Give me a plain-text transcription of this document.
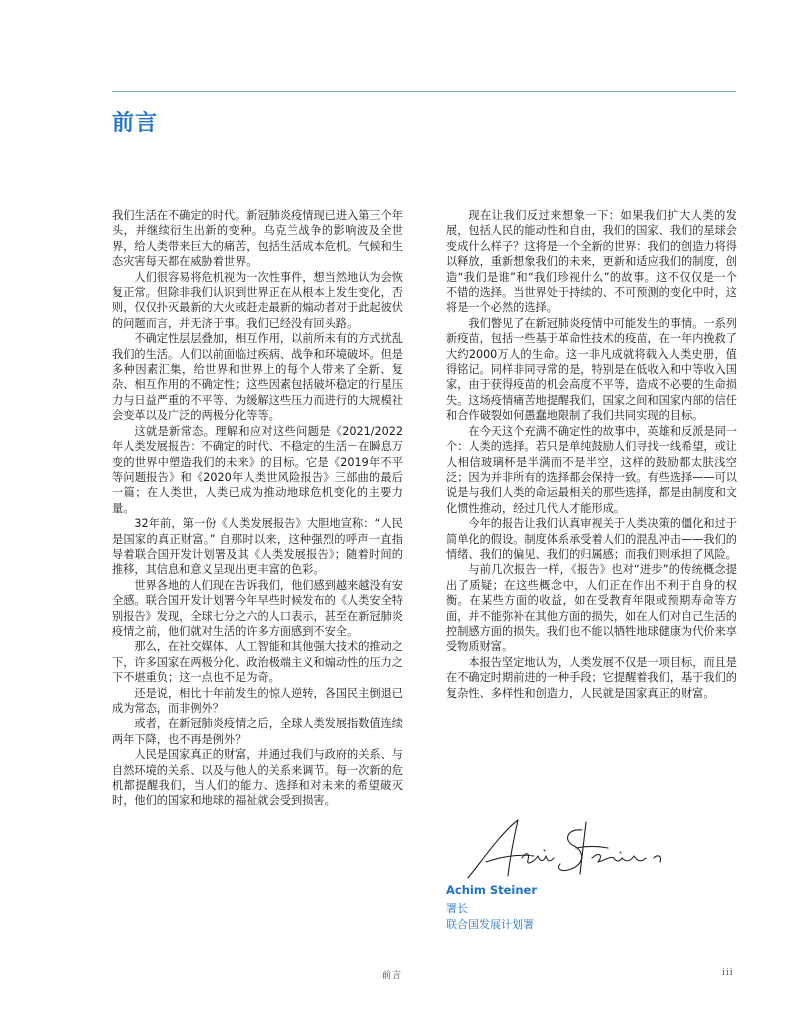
前言

我们生活在不确定的时代。新冠肺炎疫情现已进入第三个年头，并继续衍生出新的变种。乌克兰战争的影响波及全世界，给人类带来巨大的痛苦，包括生活成本危机。气候和生态灾害每天都在威胁着世界。

人们很容易将危机视为一次性事件，想当然地认为会恢复正常。但除非我们认识到世界正在从根本上发生变化，否则，仅仅扑灭最新的大火或赶走最新的煽动者对于此起彼伏的问题而言，并无济于事。我们已经没有回头路。

不确定性层层叠加，相互作用，以前所未有的方式扰乱我们的生活。人们以前面临过疾病、战争和环境破坏。但是多种因素汇集，给世界和世界上的每个人带来了全新、复杂、相互作用的不确定性；这些因素包括破坏稳定的行星压力与日益严重的不平等、为缓解这些压力而进行的大规模社会变革以及广泛的两极分化等等。

这就是新常态。理解和应对这些问题是《2021/2022年人类发展报告：不确定的时代、不稳定的生活－在瞬息万变的世界中塑造我们的未来》的目标。它是《2019年不平等问题报告》和《2020年人类世风险报告》三部曲的最后一篇；在人类世，人类已成为推动地球危机变化的主要力量。

32年前，第一份《人类发展报告》大胆地宣称：“人民是国家的真正财富。” 自那时以来，这种强烈的呼声一直指导着联合国开发计划署及其《人类发展报告》；随着时间的推移，其信息和意义呈现出更丰富的色彩。

世界各地的人们现在告诉我们，他们感到越来越没有安全感。联合国开发计划署今年早些时候发布的《人类安全特别报告》发现，全球七分之六的人口表示，甚至在新冠肺炎疫情之前，他们就对生活的许多方面感到不安全。

那么，在社交媒体、人工智能和其他强大技术的推动之下，许多国家在两极分化、政治极端主义和煽动性的压力之下不堪重负；这一点也不足为奇。

还是说，相比十年前发生的惊人逆转，各国民主倒退已成为常态，而非例外？

或者，在新冠肺炎疫情之后，全球人类发展指数值连续两年下降，也不再是例外？

人民是国家真正的财富，并通过我们与政府的关系、与自然环境的关系、以及与他人的关系来调节。每一次新的危机都提醒我们，当人们的能力、选择和对未来的希望破灭时，他们的国家和地球的福祉就会受到损害。

现在让我们反过来想象一下：如果我们扩大人类的发展，包括人民的能动性和自由，我们的国家、我们的星球会变成什么样子？这将是一个全新的世界：我们的创造力将得以释放，重新想象我们的未来，更新和适应我们的制度，创造“我们是谁”和“我们珍视什么”的故事。这不仅仅是一个不错的选择。当世界处于持续的、不可预测的变化中时，这将是一个必然的选择。

我们瞥见了在新冠肺炎疫情中可能发生的事情。一系列新疫苗，包括一些基于革命性技术的疫苗，在一年内挽救了大约2000万人的生命。这一非凡成就将载入人类史册，值得铭记。同样非同寻常的是，特别是在低收入和中等收入国家，由于获得疫苗的机会高度不平等，造成不必要的生命损失。这场疫情痛苦地提醒我们，国家之间和国家内部的信任和合作破裂如何愚蠢地限制了我们共同实现的目标。

在今天这个充满不确定性的故事中，英雄和反派是同一个：人类的选择。若只是单纯鼓励人们寻找一线希望，或让人相信玻璃杯是半满而不是半空，这样的鼓励都太肤浅空泛；因为并非所有的选择都会保持一致。有些选择——可以说是与我们人类的命运最相关的那些选择，都是由制度和文化惯性推动，经过几代人才能形成。

今年的报告让我们认真审视关于人类决策的僵化和过于简单化的假设。制度体系承受着人们的混乱冲击——我们的情绪、我们的偏见、我们的归属感；而我们则承担了风险。

与前几次报告一样，《报告》也对“进步”的传统概念提出了质疑；在这些概念中，人们正在作出不利于自身的权衡。在某些方面的收益，如在受教育年限或预期寿命等方面，并不能弥补在其他方面的损失，如在人们对自己生活的控制感方面的损失。我们也不能以牺牲地球健康为代价来享受物质财富。

本报告坚定地认为，人类发展不仅是一项目标，而且是在不确定时期前进的一种手段；它提醒着我们，基于我们的复杂性、多样性和创造力，人民就是国家真正的财富。

Achim Steiner
署长
联合国发展计划署
前言	iii
